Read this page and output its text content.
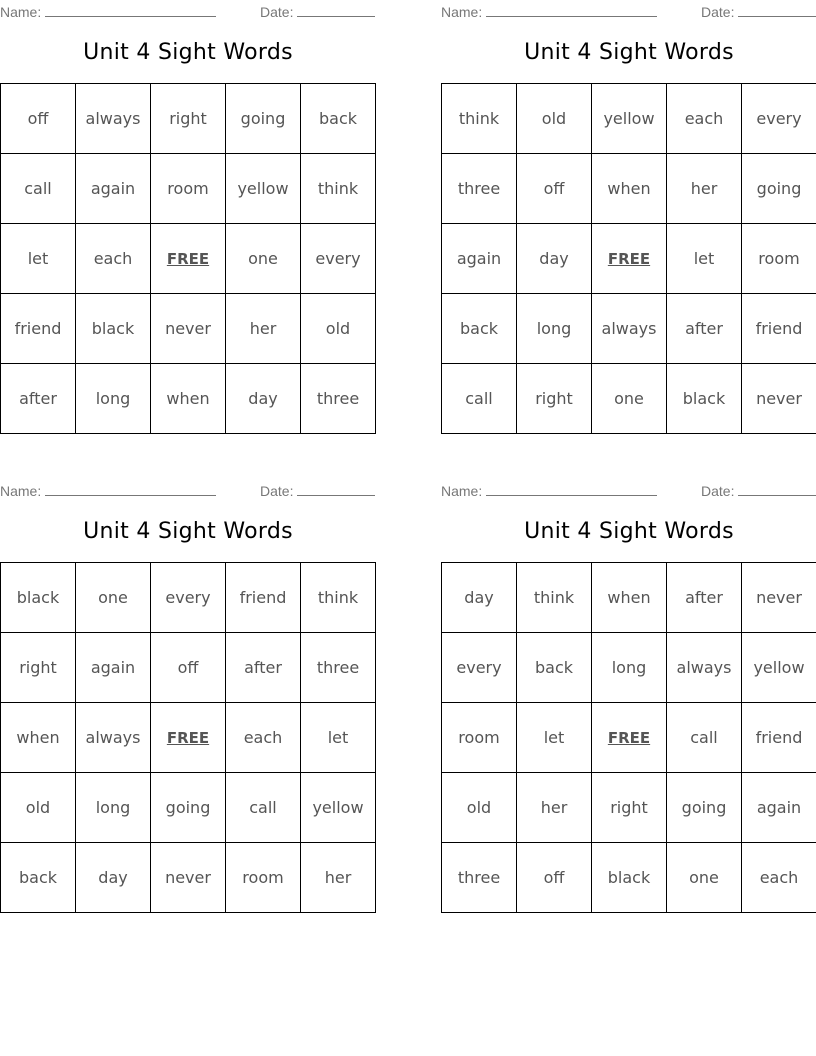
Name:	Date:
Unit 4 Sight Words
off	always	right	going	back
call	again	room	yellow	think
let	each	FREE	one	every
friend	black	never	her	old
after	long	when	day	three
Name:	Date:
Unit 4 Sight Words
think	old	yellow	each	every
three	off	when	her	going
again	day	FREE	let	room
back	long	always	after	friend
call	right	one	black	never
Name:	Date:
Unit 4 Sight Words
black	one	every	friend	think
right	again	off	after	three
when	always	FREE	each	let
old	long	going	call	yellow
back	day	never	room	her
Name:	Date:
Unit 4 Sight Words
day	think	when	after	never
every	back	long	always	yellow
room	let	FREE	call	friend
old	her	right	going	again
three	off	black	one	each
